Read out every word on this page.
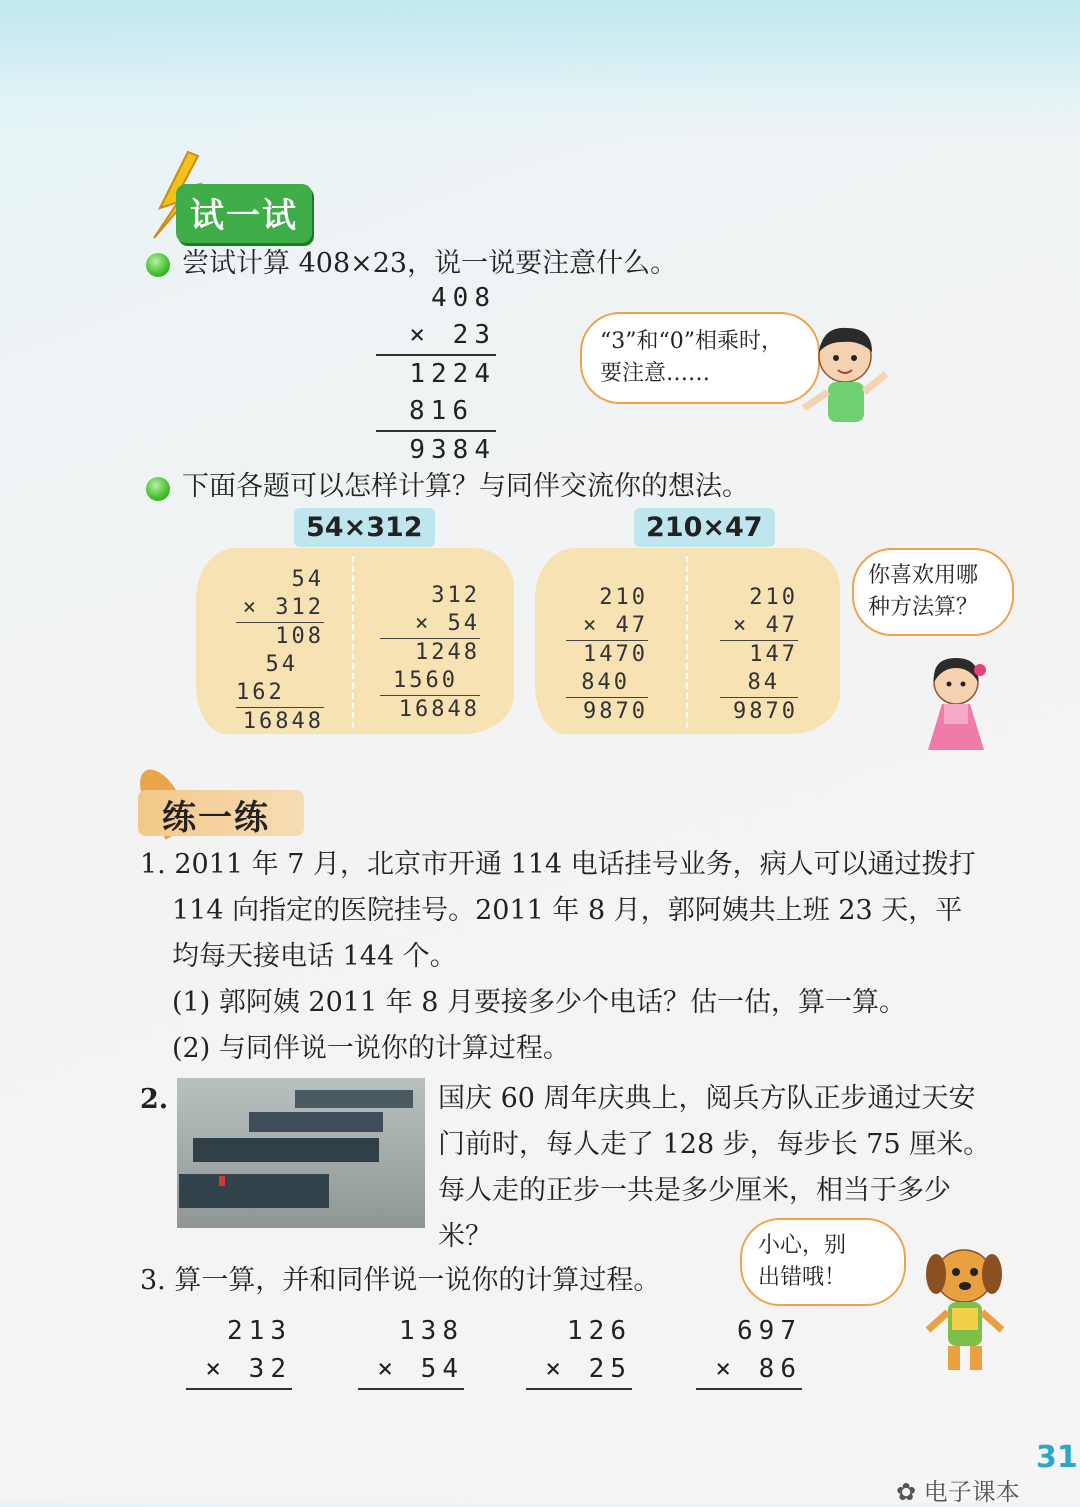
试一试
尝试计算 408×23，说一说要注意什么。
408
× 23
1224
816
9384
“3”和“0”相乘时，
要注意……
下面各题可以怎样计算？与同伴交流你的想法。
54×312	210×47
54
× 312
108
54
162
16848
312
× 54
1248
1560
16848
210
× 47
1470
840
9870
210
× 47
147
84
9870
你喜欢用哪
种方法算？
练一练
1. 2011 年 7 月，北京市开通 114 电话挂号业务，病人可以通过拨打
114 向指定的医院挂号。2011 年 8 月，郭阿姨共上班 23 天，平
均每天接电话 144 个。
(1) 郭阿姨 2011 年 8 月要接多少个电话？估一估，算一算。
(2) 与同伴说一说你的计算过程。
2.	国庆 60 周年庆典上，阅兵方队正步通过天安
门前时，每人走了 128 步，每步长 75 厘米。
每人走的正步一共是多少厘米，相当于多少
米？	小心，别
出错哦！
3. 算一算，并和同伴说一说你的计算过程。
213
× 32
138
× 54
126
× 25
697
× 86
31
✿ 电子课本
